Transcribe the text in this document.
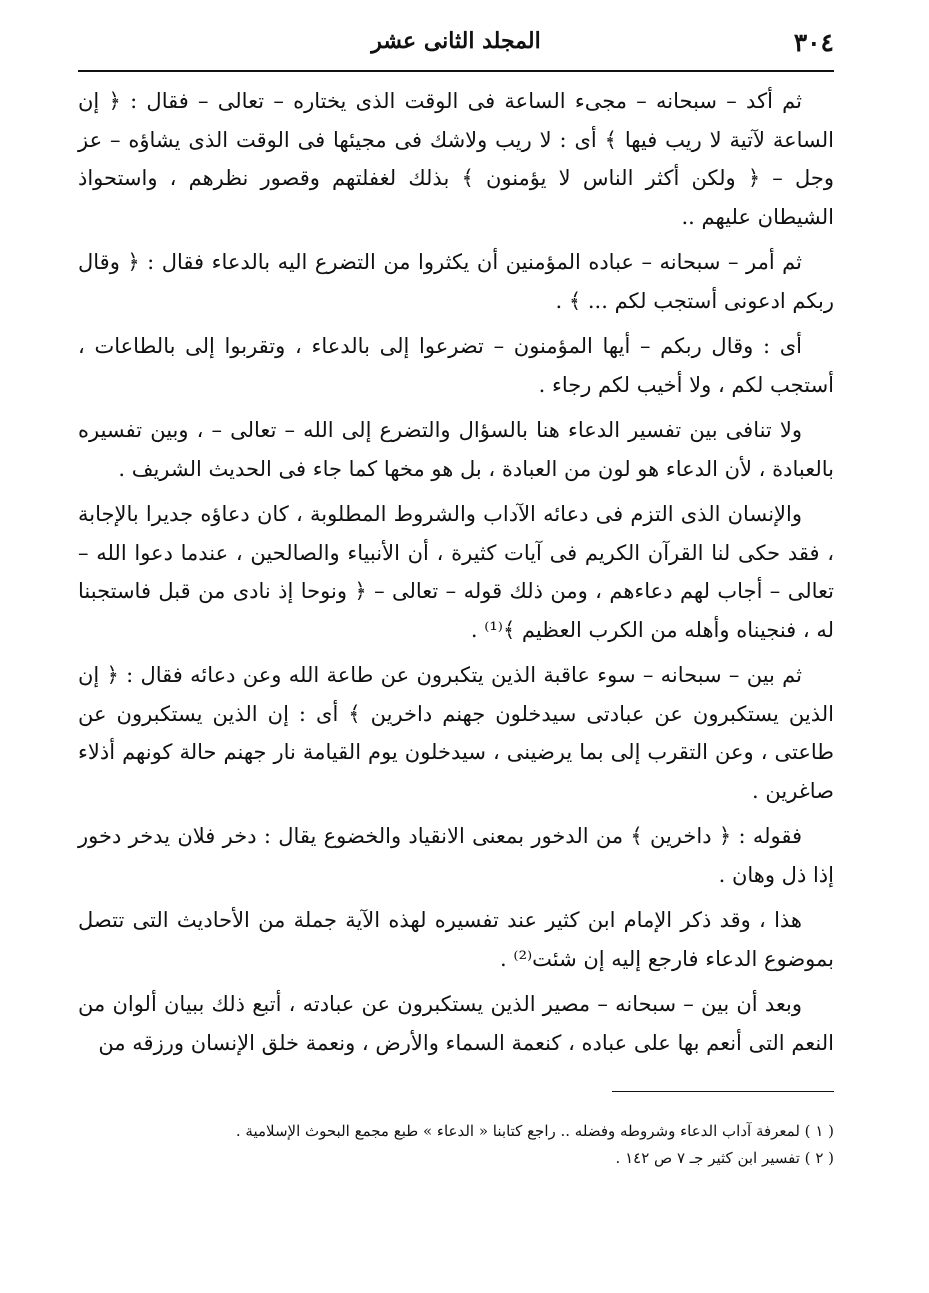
٣٠٤
المجلد الثانى عشر

ثم أكد – سبحانه – مجىء الساعة فى الوقت الذى يختاره – تعالى – فقال : ﴿ إن الساعة لآتية لا ريب فيها ﴾ أى : لا ريب ولاشك فى مجيئها فى الوقت الذى يشاؤه – عز وجل – ﴿ ولكن أكثر الناس لا يؤمنون ﴾ بذلك لغفلتهم وقصور نظرهم ، واستحواذ الشيطان عليهم ..

ثم أمر – سبحانه – عباده المؤمنين أن يكثروا من التضرع اليه بالدعاء فقال : ﴿ وقال ربكم ادعونى أستجب لكم ... ﴾ .

أى : وقال ربكم – أيها المؤمنون – تضرعوا إلى بالدعاء ، وتقربوا إلى بالطاعات ، أستجب لكم ، ولا أخيب لكم رجاء .

ولا تنافى بين تفسير الدعاء هنا بالسؤال والتضرع إلى الله – تعالى – ، وبين تفسيره بالعبادة ، لأن الدعاء هو لون من العبادة ، بل هو مخها كما جاء فى الحديث الشريف .

والإنسان الذى التزم فى دعائه الآداب والشروط المطلوبة ، كان دعاؤه جديرا بالإجابة ، فقد حكى لنا القرآن الكريم فى آيات كثيرة ، أن الأنبياء والصالحين ، عندما دعوا الله – تعالى – أجاب لهم دعاءهم ، ومن ذلك قوله – تعالى – ﴿ ونوحا إذ نادى من قبل فاستجبنا له ، فنجيناه وأهله من الكرب العظيم ﴾⁽¹⁾ .

ثم بين – سبحانه – سوء عاقبة الذين يتكبرون عن طاعة الله وعن دعائه فقال : ﴿ إن الذين يستكبرون عن عبادتى سيدخلون جهنم داخرين ﴾ أى : إن الذين يستكبرون عن طاعتى ، وعن التقرب إلى بما يرضينى ، سيدخلون يوم القيامة نار جهنم حالة كونهم أذلاء صاغرين .

فقوله : ﴿ داخرين ﴾ من الدخور بمعنى الانقياد والخضوع يقال : دخر فلان يدخر دخور إذا ذل وهان .

هذا ، وقد ذكر الإمام ابن كثير عند تفسيره لهذه الآية جملة من الأحاديث التى تتصل بموضوع الدعاء فارجع إليه إن شئت⁽²⁾ .

وبعد أن بين – سبحانه – مصير الذين يستكبرون عن عبادته ، أتبع ذلك ببيان ألوان من النعم التى أنعم بها على عباده ، كنعمة السماء والأرض ، ونعمة خلق الإنسان ورزقه من

( ١ ) لمعرفة آداب الدعاء وشروطه وفضله .. راجع كتابنا « الدعاء » طبع مجمع البحوث الإسلامية .

( ٢ ) تفسير ابن كثير جـ ٧ ص ١٤٢ .
